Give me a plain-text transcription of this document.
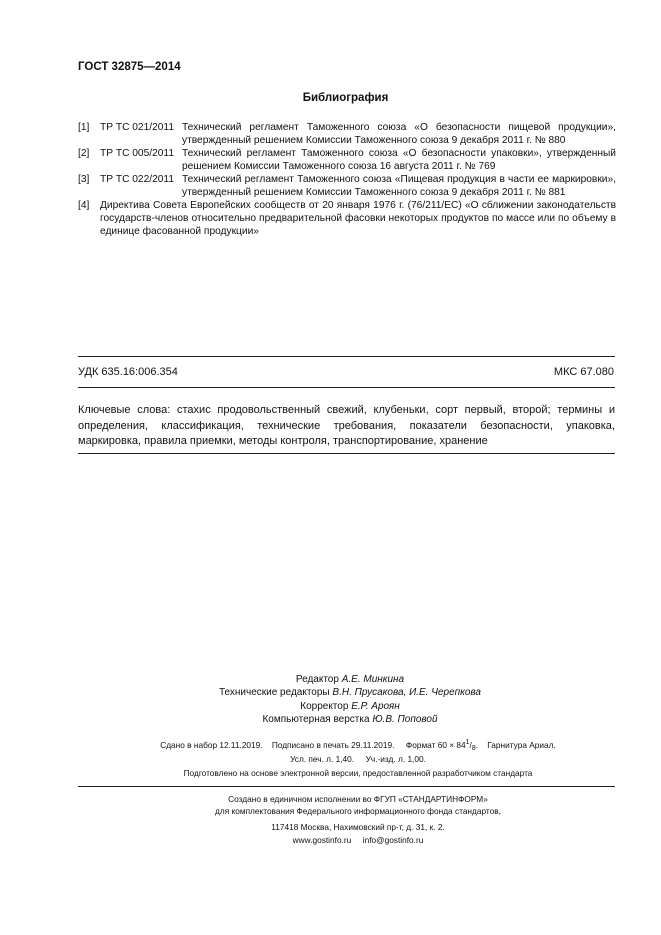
ГОСТ 32875—2014
Библиография
[1]	ТР ТС 021/2011 Технический регламент Таможенного союза «О безопасности пищевой продукции», утвержденный решением Комиссии Таможенного союза 9 декабря 2011 г. № 880
[2]	ТР ТС 005/2011 Технический регламент Таможенного союза «О безопасности упаковки», утвержденный решением Комиссии Таможенного союза 16 августа 2011 г. № 769
[3]	ТР ТС 022/2011 Технический регламент Таможенного союза «Пищевая продукция в части ее маркировки», утвержденный решением Комиссии Таможенного союза 9 декабря 2011 г. № 881
[4]	Директива Совета Европейских сообществ от 20 января 1976 г. (76/211/ЕС) «О сближении законодательств государств-членов относительно предварительной фасовки некоторых продуктов по массе или по объему в единице фасованной продукции»
УДК 635.16:006.354	МКС 67.080
Ключевые слова: стахис продовольственный свежий, клубеньки, сорт первый, второй; термины и определения, классификация, технические требования, показатели безопасности, упаковка, маркировка, правила приемки, методы контроля, транспортирование, хранение
Редактор А.Е. Минкина
Технические редакторы В.Н. Прусакова, И.Е. Черепкова
Корректор Е.Р. Ароян
Компьютерная верстка Ю.В. Поповой
Сдано в набор 12.11.2019. Подписано в печать 29.11.2019. Формат $60 \times 84^1/_8$.    Гарнитура Ариал.
Усл. печ. л. 1,40. Уч.-изд. л. 1,00.
Подготовлено на основе электронной версии, предоставленной разработчиком стандарта
Создано в единичном исполнении во ФГУП «СТАНДАРТИНФОРМ»
для комплектования Федерального информационного фонда стандартов,
117418 Москва, Нахимовский пр-т, д. 31, к. 2.
www.gostinfo.ru info@gostinfo.ru
